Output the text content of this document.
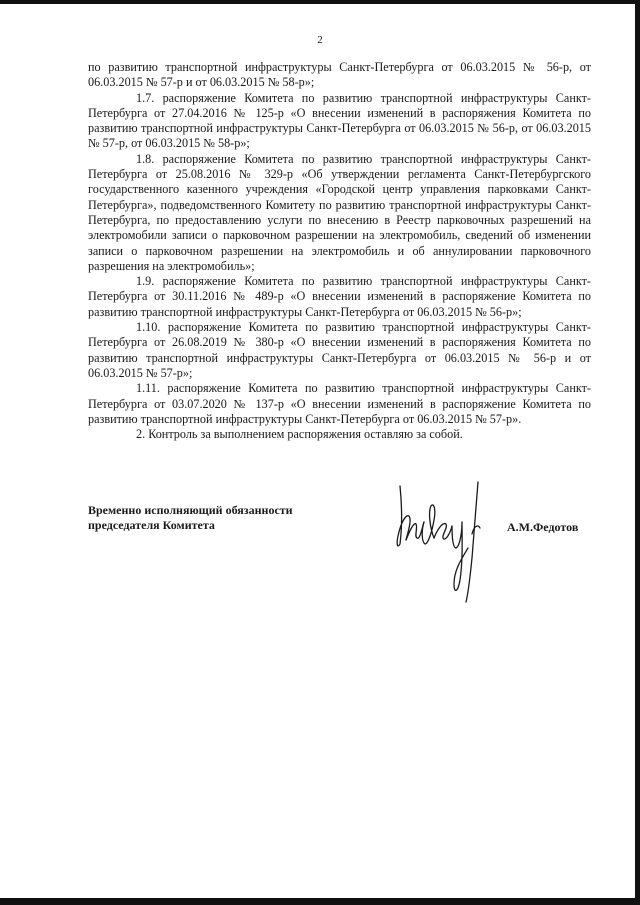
2

по развитию транспортной инфраструктуры Санкт-Петербурга от 06.03.2015 № 56-р, от 06.03.2015 № 57-р и от 06.03.2015 № 58-р»;

1.7. распоряжение Комитета по развитию транспортной инфраструктуры Санкт-Петербурга от 27.04.2016 № 125-р «О внесении изменений в распоряжения Комитета по развитию транспортной инфраструктуры Санкт-Петербурга от 06.03.2015 № 56-р, от 06.03.2015 № 57-р, от 06.03.2015 № 58-р»;

1.8. распоряжение Комитета по развитию транспортной инфраструктуры Санкт-Петербурга от 25.08.2016 № 329-р «Об утверждении регламента Санкт-Петербургского государственного казенного учреждения «Городской центр управления парковками Санкт-Петербурга», подведомственного Комитету по развитию транспортной инфраструктуры Санкт-Петербурга, по предоставлению услуги по внесению в Реестр парковочных разрешений на электромобили записи о парковочном разрешении на электромобиль, сведений об изменении записи о парковочном разрешении на электромобиль и об аннулировании парковочного разрешения на электромобиль»;

1.9. распоряжение Комитета по развитию транспортной инфраструктуры Санкт-Петербурга от 30.11.2016 № 489-р «О внесении изменений в распоряжение Комитета по развитию транспортной инфраструктуры Санкт-Петербурга от 06.03.2015 № 56-р»;

1.10. распоряжение Комитета по развитию транспортной инфраструктуры Санкт-Петербурга от 26.08.2019 № 380-р «О внесении изменений в распоряжения Комитета по развитию транспортной инфраструктуры Санкт-Петербурга от 06.03.2015 № 56-р и от 06.03.2015 № 57-р»;

1.11. распоряжение Комитета по развитию транспортной инфраструктуры Санкт-Петербурга от 03.07.2020 № 137-р «О внесении изменений в распоряжение Комитета по развитию транспортной инфраструктуры Санкт-Петербурга от 06.03.2015 № 57-р».

2. Контроль за выполнением распоряжения оставляю за собой.

Временно исполняющий обязанности
председателя Комитета	А.М.Федотов
